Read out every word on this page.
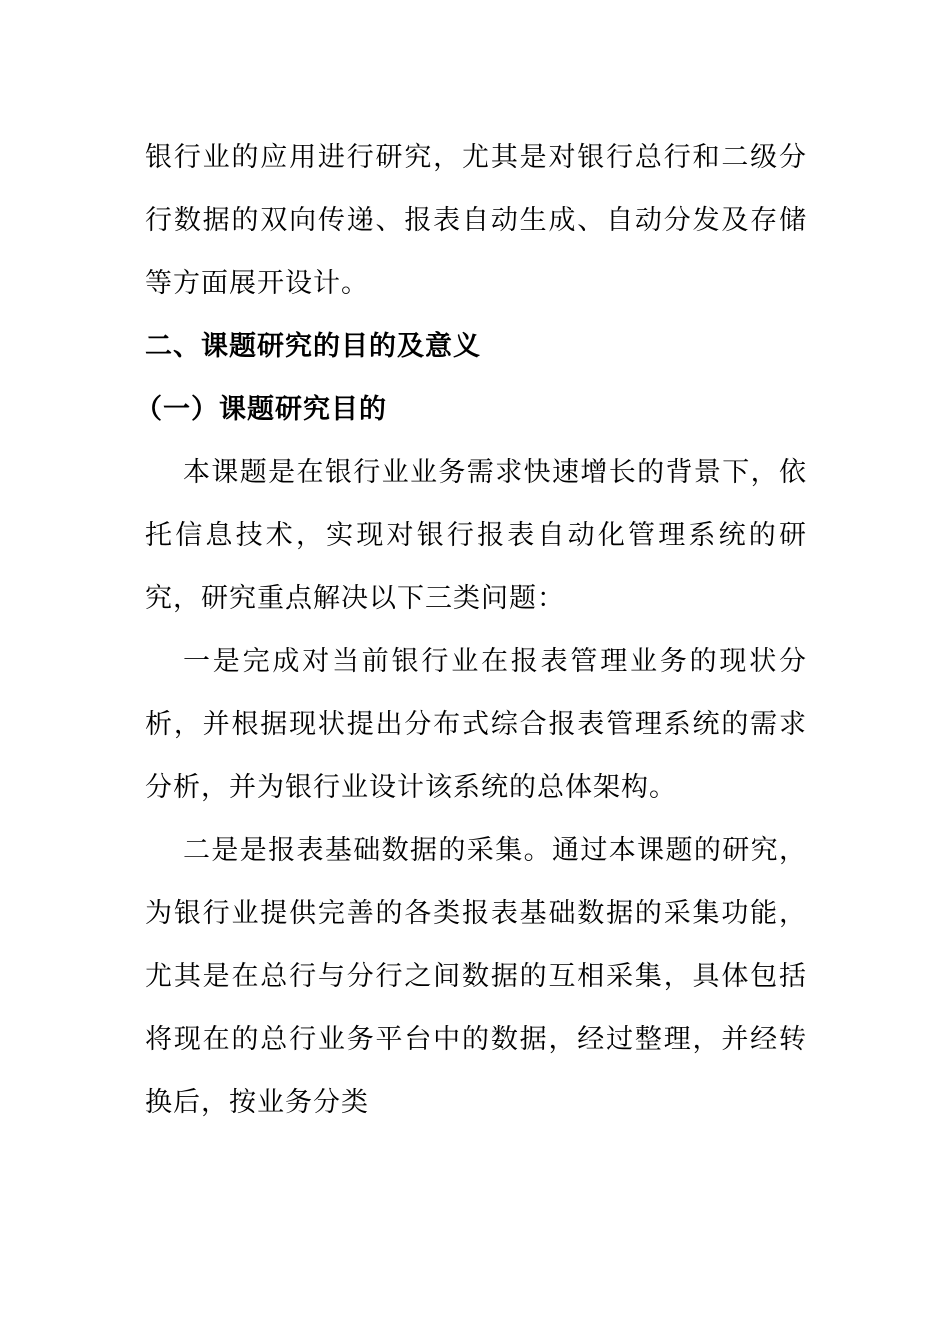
银行业的应用进行研究，尤其是对银行总行和二级分行数据的双向传递、报表自动生成、自动分发及存储等方面展开设计。

二、课题研究的目的及意义
（一）课题研究目的

本课题是在银行业业务需求快速增长的背景下，依托信息技术，实现对银行报表自动化管理系统的研究，研究重点解决以下三类问题：

一是完成对当前银行业在报表管理业务的现状分析，并根据现状提出分布式综合报表管理系统的需求分析，并为银行业设计该系统的总体架构。

二是是报表基础数据的采集。通过本课题的研究，为银行业提供完善的各类报表基础数据的采集功能，尤其是在总行与分行之间数据的互相采集，具体包括将现在的总行业务平台中的数据，经过整理，并经转换后，按业务分类
